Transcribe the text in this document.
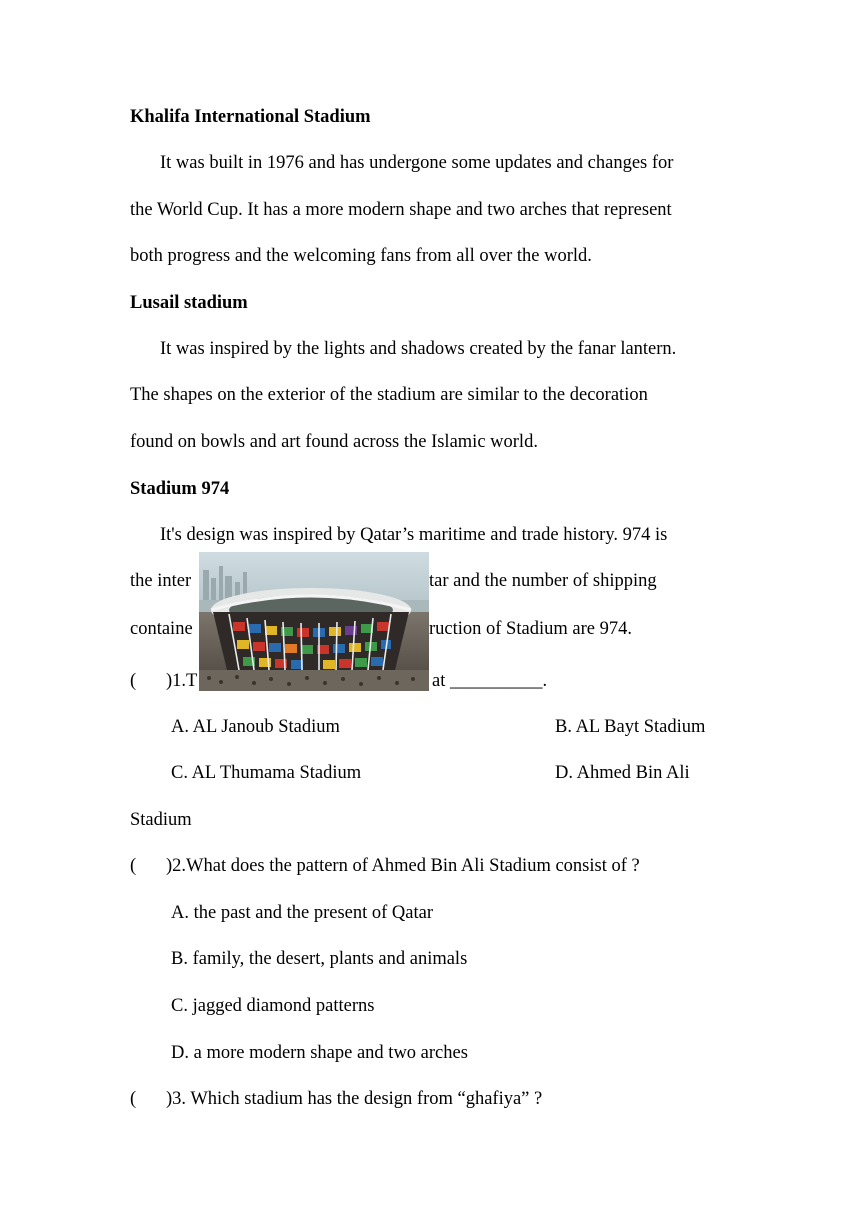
Khalifa International Stadium
It was built in 1976 and has undergone some updates and changes for
the World Cup. It has a more modern shape and two arches that represent
both progress and the welcoming fans from all over the world.
Lusail stadium
It was inspired by the lights and shadows created by the fanar lantern.
The shapes on the exterior of the stadium are similar to the decoration
found on bowls and art found across the Islamic world.
Stadium 974
It's design was inspired by Qatar’s maritime and trade history. 974 is
the inter	tar and the number of shipping
containe	ruction of Stadium are 974.
( )1.T	at __________.
A. AL Janoub Stadium	B. AL Bayt Stadium
C. AL Thumama Stadium	D. Ahmed Bin Ali
Stadium
( )2.What does the pattern of Ahmed Bin Ali Stadium consist of ?
A. the past and the present of Qatar
B. family, the desert, plants and animals
C. jagged diamond patterns
D. a more modern shape and two arches
( )3. Which stadium has the design from “ghafiya” ?
